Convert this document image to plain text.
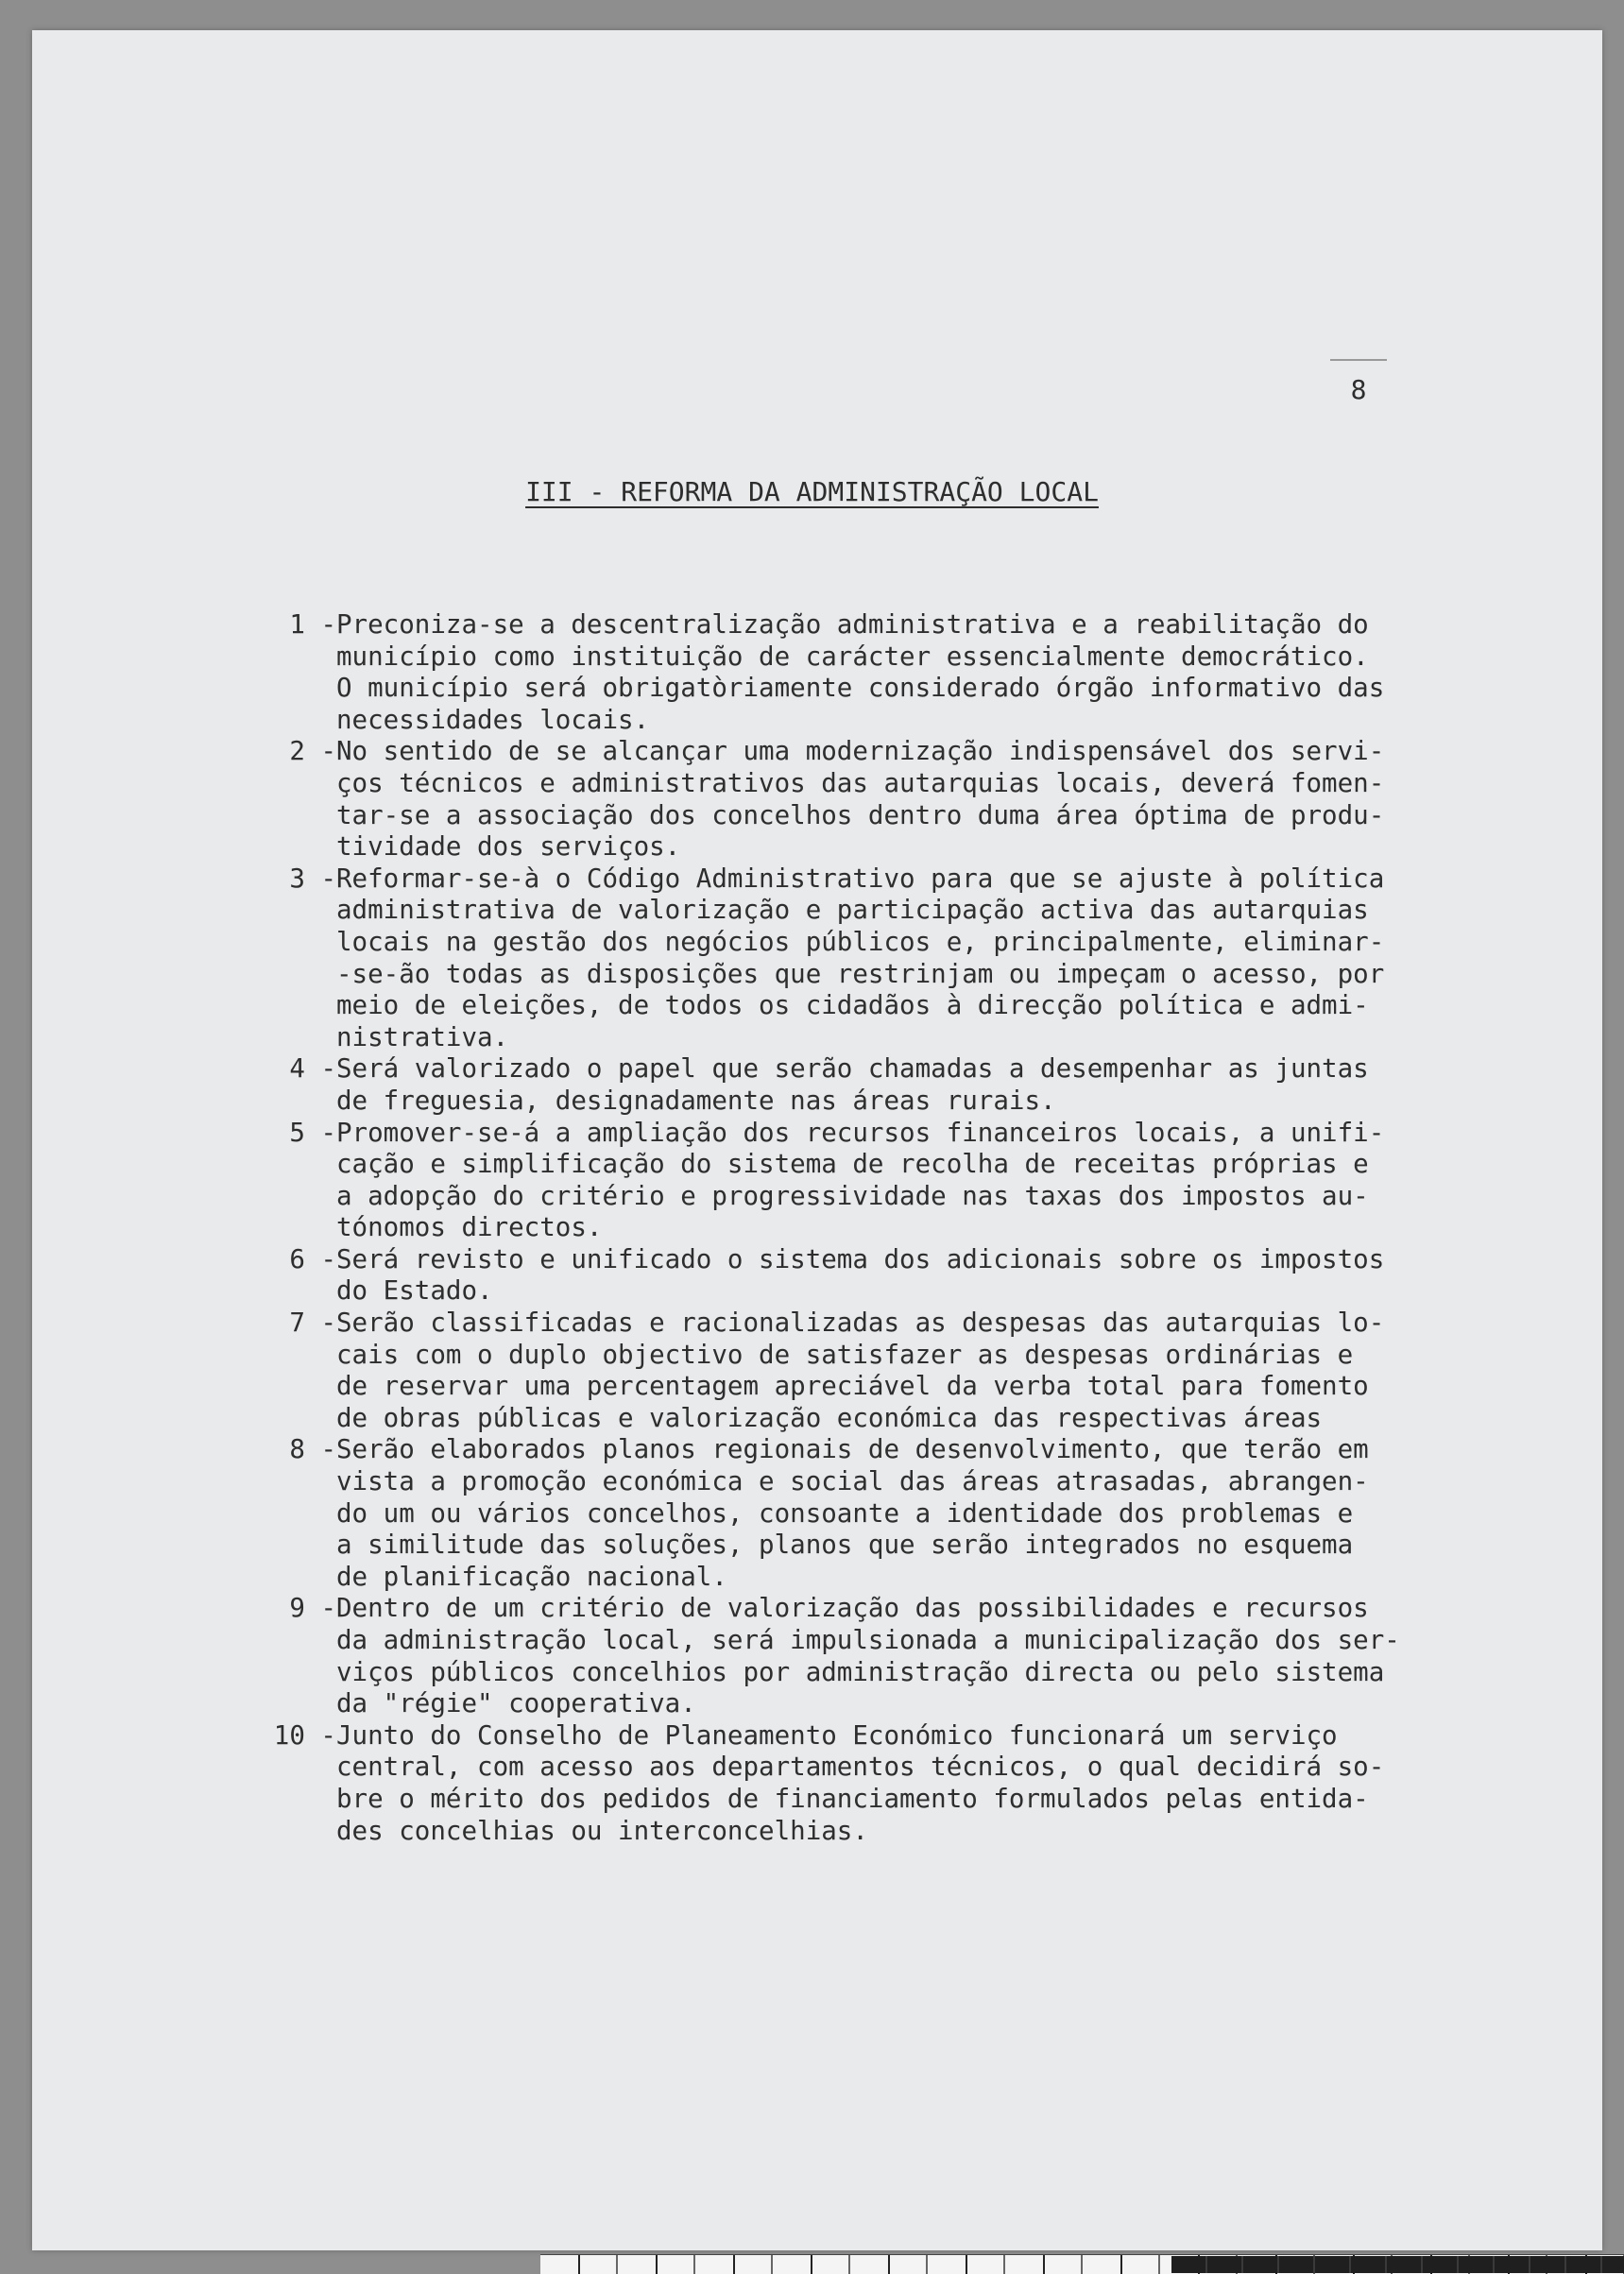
8
III - REFORMA DA ADMINISTRAÇÃO LOCAL
1 - Preconiza-se a descentralização administrativa e a reabilitação do
município como instituição de carácter essencialmente democrático.
O município será obrigatòriamente considerado órgão informativo das
necessidades locais.
2 - No sentido de se alcançar uma modernização indispensável dos servi-
ços técnicos e administrativos das autarquias locais, deverá fomen-
tar-se a associação dos concelhos dentro duma área óptima de produ-
tividade dos serviços.
3 - Reformar-se-à o Código Administrativo para que se ajuste à política
administrativa de valorização e participação activa das autarquias
locais na gestão dos negócios públicos e, principalmente, eliminar-
-se-ão todas as disposições que restrinjam ou impeçam o acesso, por
meio de eleições, de todos os cidadãos à direcção política e admi-
nistrativa.
4 - Será valorizado o papel que serão chamadas a desempenhar as juntas
de freguesia, designadamente nas áreas rurais.
5 - Promover-se-á a ampliação dos recursos financeiros locais, a unifi-
cação e simplificação do sistema de recolha de receitas próprias e
a adopção do critério e progressividade nas taxas dos impostos au-
tónomos directos.
6 - Será revisto e unificado o sistema dos adicionais sobre os impostos
do Estado.
7 - Serão classificadas e racionalizadas as despesas das autarquias lo-
cais com o duplo objectivo de satisfazer as despesas ordinárias e
de reservar uma percentagem apreciável da verba total para fomento
de obras públicas e valorização económica das respectivas áreas
8 - Serão elaborados planos regionais de desenvolvimento, que terão em
vista a promoção económica e social das áreas atrasadas, abrangen-
do um ou vários concelhos, consoante a identidade dos problemas e
a similitude das soluções, planos que serão integrados no esquema
de planificação nacional.
9 - Dentro de um critério de valorização das possibilidades e recursos
da administração local, será impulsionada a municipalização dos ser-
viços públicos concelhios por administração directa ou pelo sistema
da "régie" cooperativa.
10 - Junto do Conselho de Planeamento Económico funcionará um serviço
central, com acesso aos departamentos técnicos, o qual decidirá so-
bre o mérito dos pedidos de financiamento formulados pelas entida-
des concelhias ou interconcelhias.
